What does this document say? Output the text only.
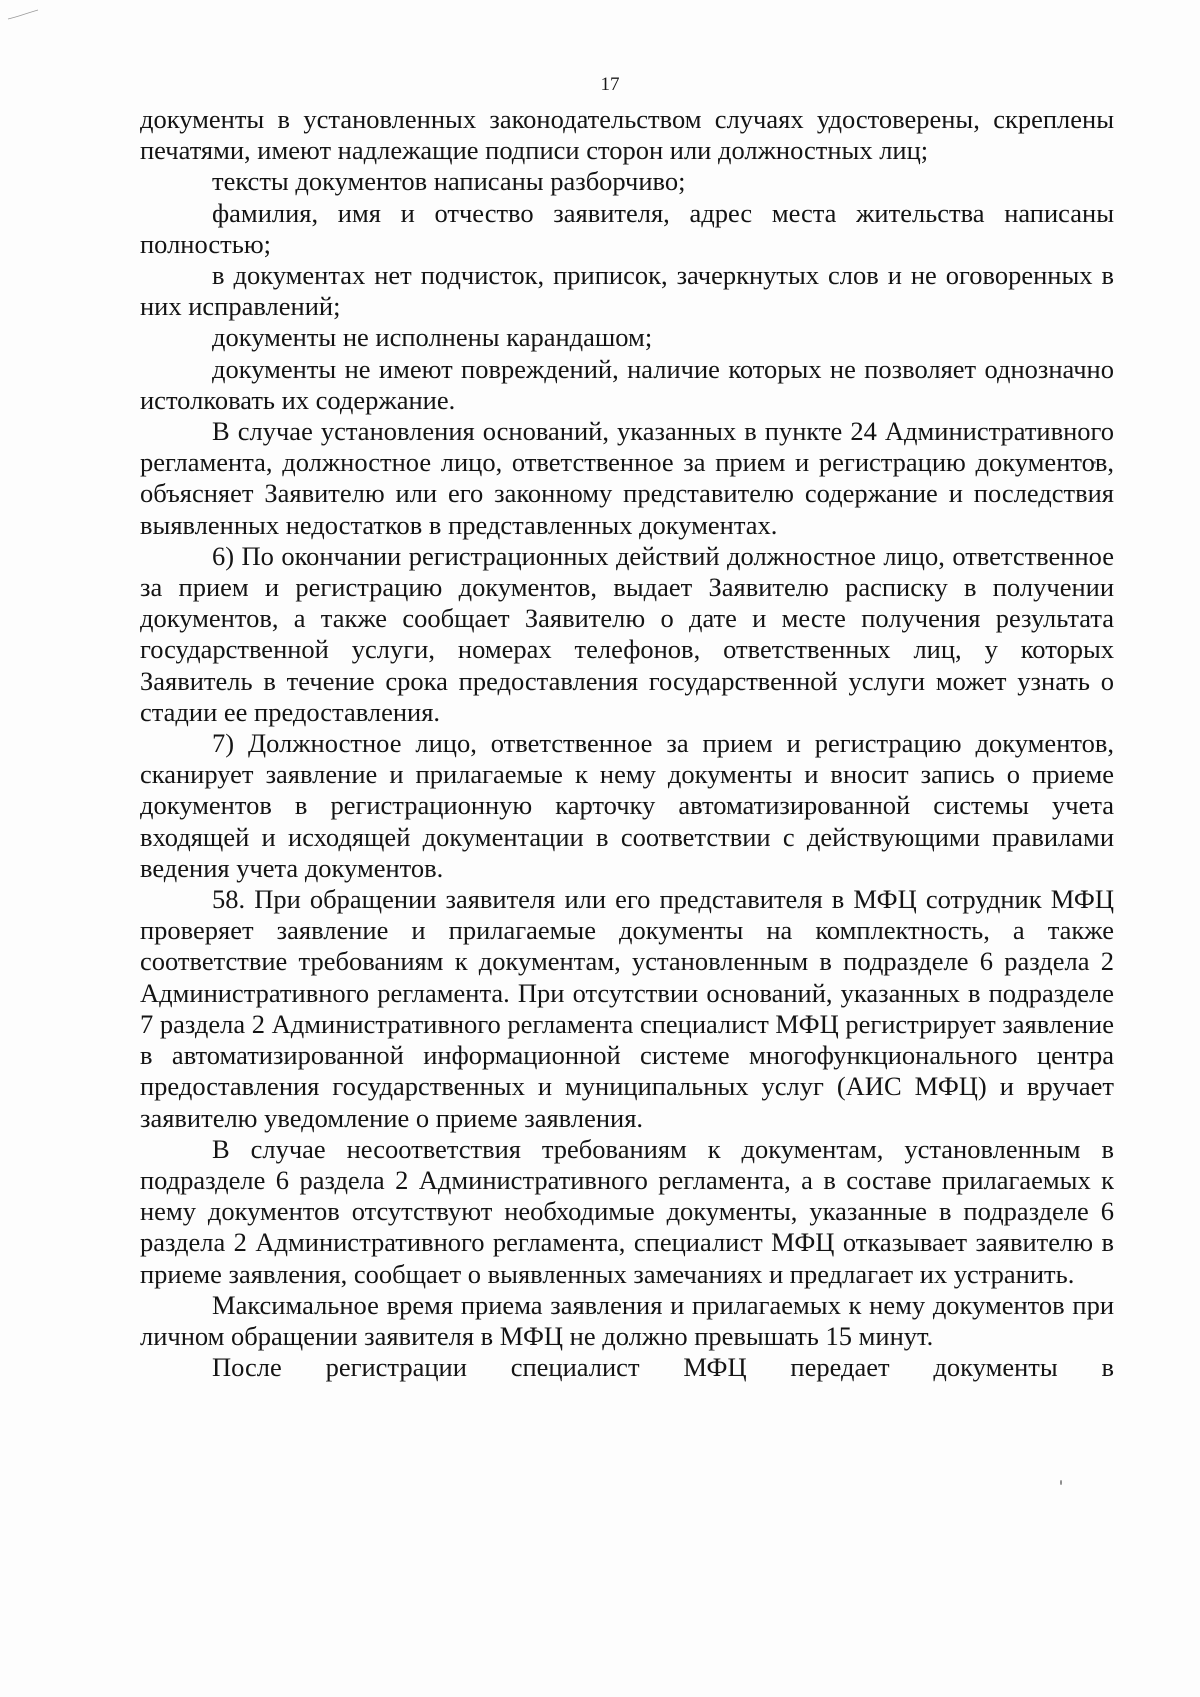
17

документы в установленных законодательством случаях удостоверены, скреплены печатями, имеют надлежащие подписи сторон или должностных лиц;

тексты документов написаны разборчиво;

фамилия, имя и отчество заявителя, адрес места жительства написаны полностью;

в документах нет подчисток, приписок, зачеркнутых слов и не оговоренных в них исправлений;

документы не исполнены карандашом;

документы не имеют повреждений, наличие которых не позволяет однозначно истолковать их содержание.

В случае установления оснований, указанных в пункте 24 Административного регламента, должностное лицо, ответственное за прием и регистрацию документов, объясняет Заявителю или его законному представителю содержание и последствия выявленных недостатков в представленных документах.

6) По окончании регистрационных действий должностное лицо, ответственное за прием и регистрацию документов, выдает Заявителю расписку в получении документов, а также сообщает Заявителю о дате и месте получения результата государственной услуги, номерах телефонов, ответственных лиц, у которых Заявитель в течение срока предоставления государственной услуги может узнать о стадии ее предоставления.

7) Должностное лицо, ответственное за прием и регистрацию документов, сканирует заявление и прилагаемые к нему документы и вносит запись о приеме документов в регистрационную карточку автоматизированной системы учета входящей и исходящей документации в соответствии с действующими правилами ведения учета документов.

58. При обращении заявителя или его представителя в МФЦ сотрудник МФЦ проверяет заявление и прилагаемые документы на комплектность, а также соответствие требованиям к документам, установленным в подразделе 6 раздела 2 Административного регламента. При отсутствии оснований, указанных в подразделе 7 раздела 2 Административного регламента специалист МФЦ регистрирует заявление в автоматизированной информационной системе многофункционального центра предоставления государственных и муниципальных услуг (АИС МФЦ) и вручает заявителю уведомление о приеме заявления.

В случае несоответствия требованиям к документам, установленным в подразделе 6 раздела 2 Административного регламента, а в составе прилагаемых к нему документов отсутствуют необходимые документы, указанные в подразделе 6 раздела 2 Административного регламента, специалист МФЦ отказывает заявителю в приеме заявления, сообщает о выявленных замечаниях и предлагает их устранить.

Максимальное время приема заявления и прилагаемых к нему документов при личном обращении заявителя в МФЦ не должно превышать 15 минут.

После регистрации специалист МФЦ передает документы в
